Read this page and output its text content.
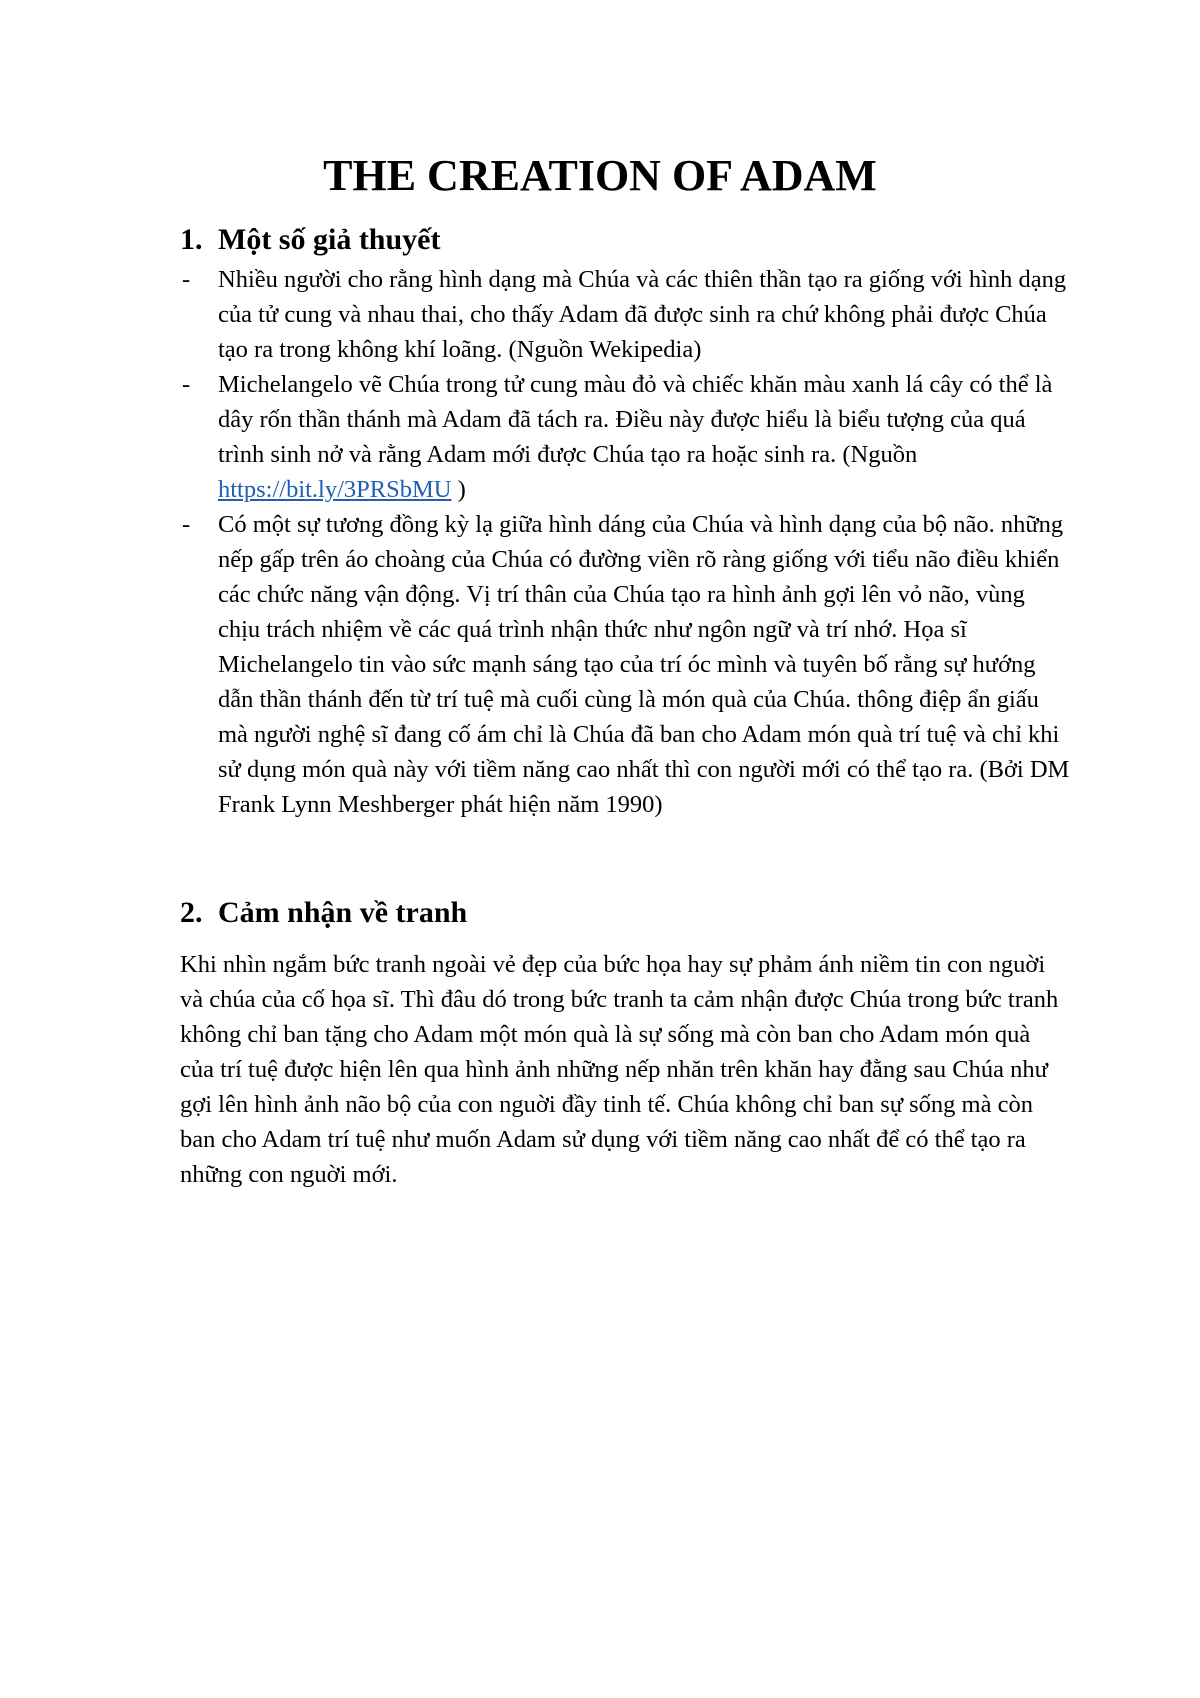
THE CREATION OF ADAM
1. Một số giả thuyết
- Nhiều người cho rằng hình dạng mà Chúa và các thiên thần tạo ra giống với hình dạng của tử cung và nhau thai, cho thấy Adam đã được sinh ra chứ không phải được Chúa tạo ra trong không khí loãng. (Nguồn Wekipedia)
- Michelangelo vẽ Chúa trong tử cung màu đỏ và chiếc khăn màu xanh lá cây có thể là dây rốn thần thánh mà Adam đã tách ra. Điều này được hiểu là biểu tượng của quá trình sinh nở và rằng Adam mới được Chúa tạo ra hoặc sinh ra. (Nguồn https://bit.ly/3PRSbMU )
- Có một sự tương đồng kỳ lạ giữa hình dáng của Chúa và hình dạng của bộ não. những nếp gấp trên áo choàng của Chúa có đường viền rõ ràng giống với tiểu não điều khiển các chức năng vận động. Vị trí thân của Chúa tạo ra hình ảnh gợi lên vỏ não, vùng chịu trách nhiệm về các quá trình nhận thức như ngôn ngữ và trí nhớ. Họa sĩ Michelangelo tin vào sức mạnh sáng tạo của trí óc mình và tuyên bố rằng sự hướng dẫn thần thánh đến từ trí tuệ mà cuối cùng là món quà của Chúa. thông điệp ẩn giấu mà người nghệ sĩ đang cố ám chỉ là Chúa đã ban cho Adam món quà trí tuệ và chỉ khi sử dụng món quà này với tiềm năng cao nhất thì con người mới có thể tạo ra. (Bởi DM Frank Lynn Meshberger phát hiện năm 1990)
2. Cảm nhận về tranh

Khi nhìn ngắm bức tranh ngoài vẻ đẹp của bức họa hay sự phảm ánh niềm tin con nguời và chúa của cố họa sĩ. Thì đâu dó trong bức tranh ta cảm nhận được Chúa trong bức tranh không chỉ ban tặng cho Adam một món quà là sự sống mà còn ban cho Adam món quà của trí tuệ được hiện lên qua hình ảnh những nếp nhăn trên khăn hay đằng sau Chúa như gợi lên hình ảnh não bộ của con nguời đầy tinh tế. Chúa không chỉ ban sự sống mà còn ban cho Adam trí tuệ như muốn Adam sử dụng với tiềm năng cao nhất để có thể tạo ra những con nguời mới.
